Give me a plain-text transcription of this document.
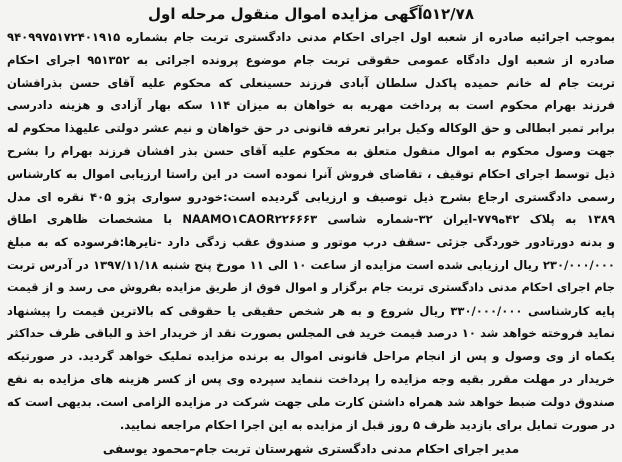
۵۱۲/۷۸آگهی مزایده اموال منقول مرحله اول
بموجب اجرائیه صادره از شعبه اول اجرای احکام مدنی دادگستری تربت جام بشماره ۹۴۰۹۹۷۵۱۷۲۴۰۱۹۱۵
صادره از شعبه اول دادگاه عمومی حقوقی تربت جام موضوع پرونده اجرائی به ۹۵۱۳۵۲ اجرای احکام
تربت جام له خانم حمیده پاکدل سلطان آبادی فرزند حسینعلی که محکوم علیه آقای حسن بذرافشان
فرزند بهرام محکوم است به پرداخت مهریه به خواهان به میزان ۱۱۴ سکه بهار آزادی و هزینه دادرسی
برابر تمبر ابطالی و حق الوکاله وکیل برابر تعرفه قانونی در حق خواهان و نیم عشر دولتی علیهذا محکوم له
جهت وصول محکوم به اموال منقول متعلق به محکوم علیه آقای حسن بذر افشان فرزند بهرام را بشرح
ذیل توسط اجرای احکام توقیف ، تقاضای فروش آنرا نموده است در این راستا ارزیابی اموال به کارشناس
رسمی دادگستری ارجاع بشرح ذیل توصیف و ارزیابی گردیده است:خودرو سواری پژو ۴۰۵ نقره ای مدل
۱۳۸۹ به پلاک ۴۲ه۷۷۹-ایران ۳۲-شماره شاسی NAAMO۱CAOR۲۲۶۶۶۳ با مشخصات ظاهری اطاق
و بدنه دورتادور خوردگی جزئی -سقف درب موتور و صندوق عقب زدگی دارد -تایرها:فرسوده که به مبلغ
۲۳۰/۰۰۰/۰۰۰ ریال ارزیابی شده است مزایده از ساعت ۱۰ الی ۱۱ مورخ پنج شنبه ۱۳۹۷/۱۱/۱۸ در آدرس تربت
جام اجرای احکام مدنی دادگستری تربت جام برگزار و اموال فوق از طریق مزایده بفروش می رسد و از قیمت
پایه کارشناسی ۳۳۰/۰۰۰/۰۰۰ ریال شروع و به هر شخص حقیقی یا حقوقی که بالاترین قیمت را پیشنهاد
نماید فروخته خواهد شد ۱۰ درصد قیمت خرید فی المجلس بصورت نقد از خریدار اخذ و الباقی ظرف حداکثر
یکماه از وی وصول و پس از انجام مراحل قانونی اموال به برنده مزایده تملیک خواهد گردید. در صورتیکه
خریدار در مهلت مقرر بقیه وجه مزایده را پرداخت ننماید سپرده وی پس از کسر هزینه های مزایده به نفع
صندوق دولت ضبط خواهد شد همراه داشتن کارت ملی جهت شرکت در مزایده الزامی است. بدیهی است که
در صورت تمایل برای بازدید ظرف ۵ روز قبل از مزایده به این اجرا احکام مراجعه نمایید.
مدیر اجرای احکام مدنی دادگستری شهرستان تربت جام–محمود یوسفی
